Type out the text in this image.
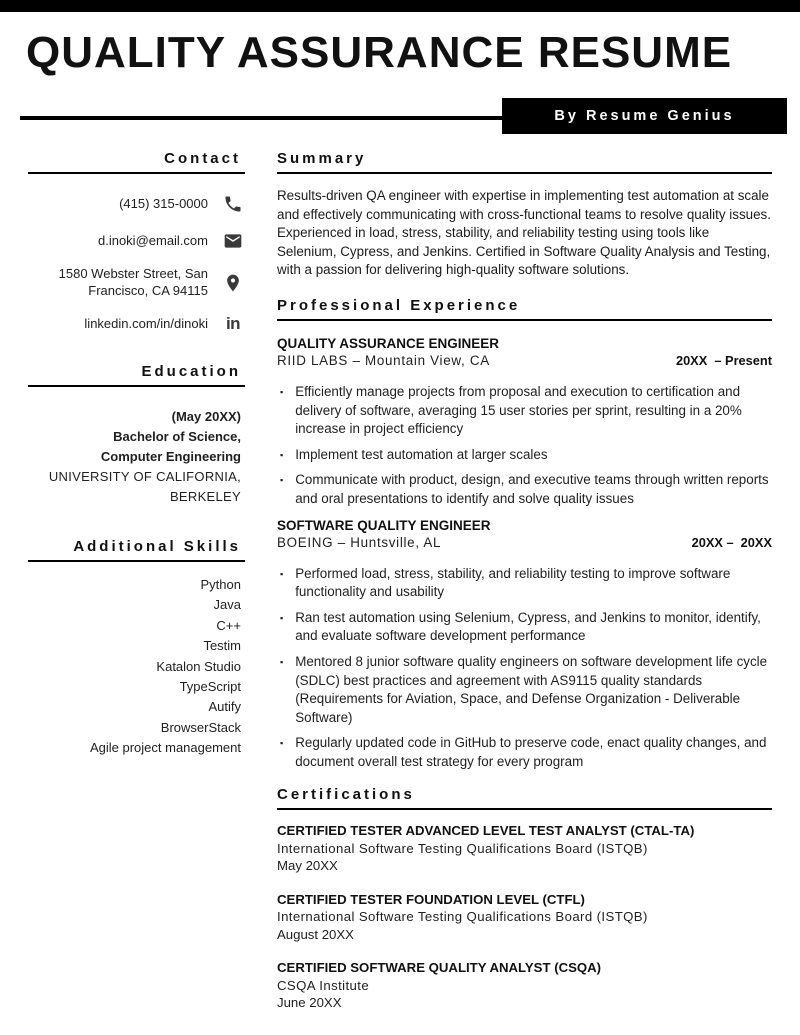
QUALITY ASSURANCE RESUME
By Resume Genius
Contact
(415) 315-0000
d.inoki@email.com
1580 Webster Street, San Francisco, CA 94115
linkedin.com/in/dinoki in
Education
(May 20XX)
Bachelor of Science,
Computer Engineering
UNIVERSITY OF CALIFORNIA,
BERKELEY
Additional Skills
Python
Java
C++
Testim
Katalon Studio
TypeScript
Autify
BrowserStack
Agile project management
Summary

Results-driven QA engineer with expertise in implementing test automation at scale and effectively communicating with cross-functional teams to resolve quality issues. Experienced in load, stress, stability, and reliability testing using tools like Selenium, Cypress, and Jenkins. Certified in Software Quality Analysis and Testing, with a passion for delivering high-quality software solutions.

Professional Experience
QUALITY ASSURANCE ENGINEER
RIID LABS – Mountain View, CA	20XX  – Present
▪ Efficiently manage projects from proposal and execution to certification and delivery of software, averaging 15 user stories per sprint, resulting in a 20% increase in project efficiency
▪ Implement test automation at larger scales
▪ Communicate with product, design, and executive teams through written reports and oral presentations to identify and solve quality issues
SOFTWARE QUALITY ENGINEER
BOEING – Huntsville, AL	20XX –  20XX
▪ Performed load, stress, stability, and reliability testing to improve software functionality and usability
▪ Ran test automation using Selenium, Cypress, and Jenkins to monitor, identify, and evaluate software development performance
▪ Mentored 8 junior software quality engineers on software development life cycle (SDLC) best practices and agreement with AS9115 quality standards (Requirements for Aviation, Space, and Defense Organization - Deliverable Software)
▪ Regularly updated code in GitHub to preserve code, enact quality changes, and document overall test strategy for every program
Certifications
CERTIFIED TESTER ADVANCED LEVEL TEST ANALYST (CTAL-TA)
International Software Testing Qualifications Board (ISTQB)
May 20XX
CERTIFIED TESTER FOUNDATION LEVEL (CTFL)
International Software Testing Qualifications Board (ISTQB)
August 20XX
CERTIFIED SOFTWARE QUALITY ANALYST (CSQA)
CSQA Institute
June 20XX
